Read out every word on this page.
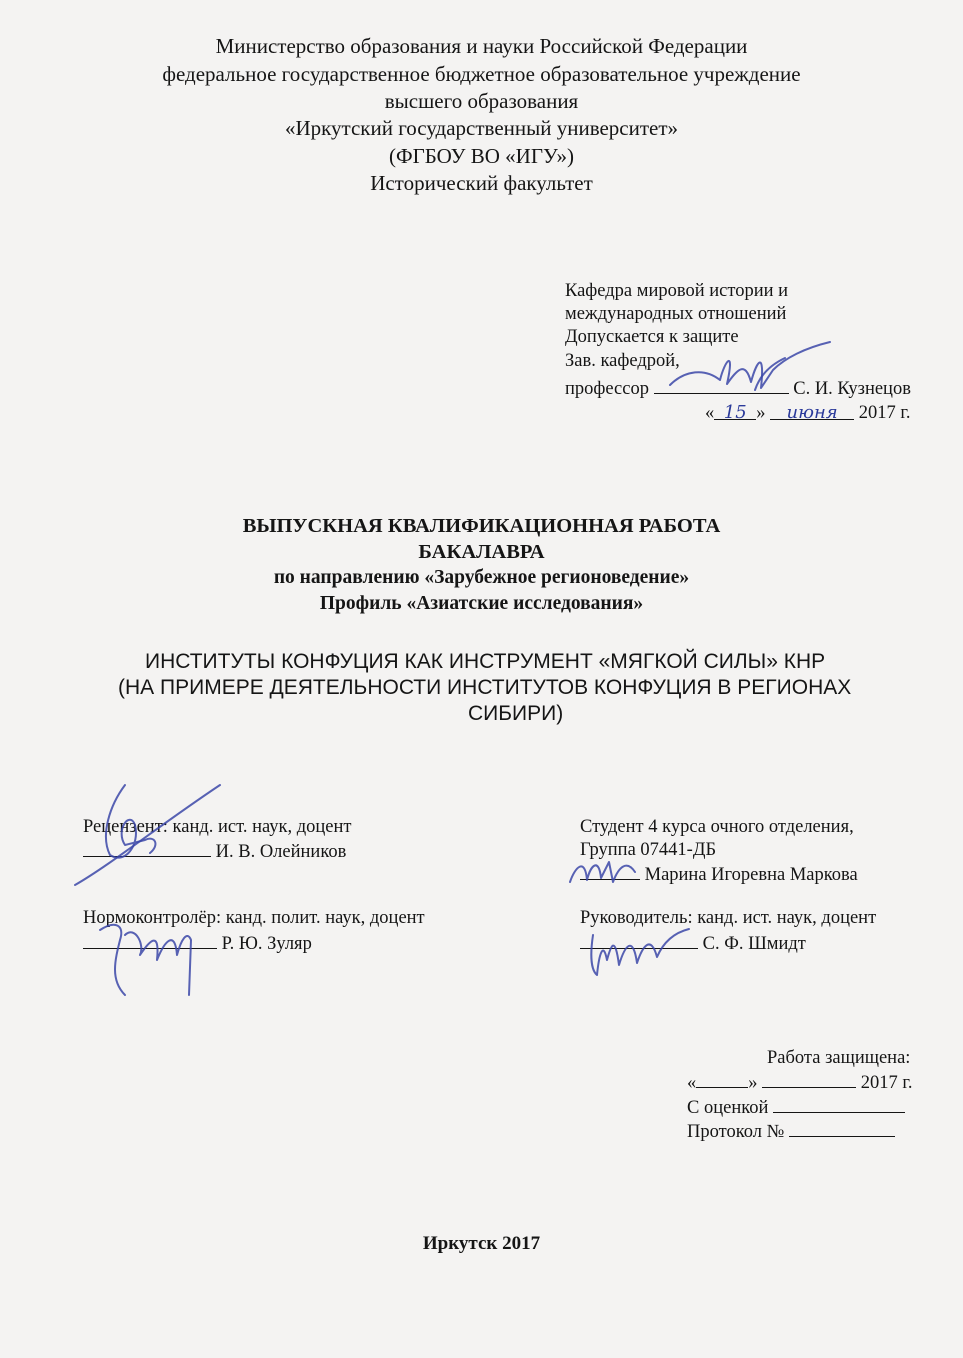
Министерство образования и науки Российской Федерации
федеральное государственное бюджетное образовательное учреждение
высшего образования
«Иркутский государственный университет»
(ФГБОУ ВО «ИГУ»)
Исторический факультет
Кафедра мировой истории и
международных отношений
Допускается к защите
Зав. кафедрой,
профессор	С. И. Кузнецов
« 15 » июня 2017 г.
ВЫПУСКНАЯ КВАЛИФИКАЦИОННАЯ РАБОТА
БАКАЛАВРА
по направлению «Зарубежное регионоведение»
Профиль «Азиатские исследования»
ИНСТИТУТЫ КОНФУЦИЯ КАК ИНСТРУМЕНТ «МЯГКОЙ СИЛЫ» КНР
(НА ПРИМЕРЕ ДЕЯТЕЛЬНОСТИ ИНСТИТУТОВ КОНФУЦИЯ В РЕГИОНАХ
СИБИРИ)
Рецензент: канд. ист. наук, доцент
И. В. Олейников
Нормоконтролёр: канд. полит. наук, доцент
Р. Ю. Зуляр
Студент 4 курса очного отделения,
Группа 07441-ДБ
Марина Игоревна Маркова
Руководитель: канд. ист. наук, доцент
С. Ф. Шмидт
Работа защищена:
«	»	2017 г.
С оценкой
Протокол №
Иркутск 2017
